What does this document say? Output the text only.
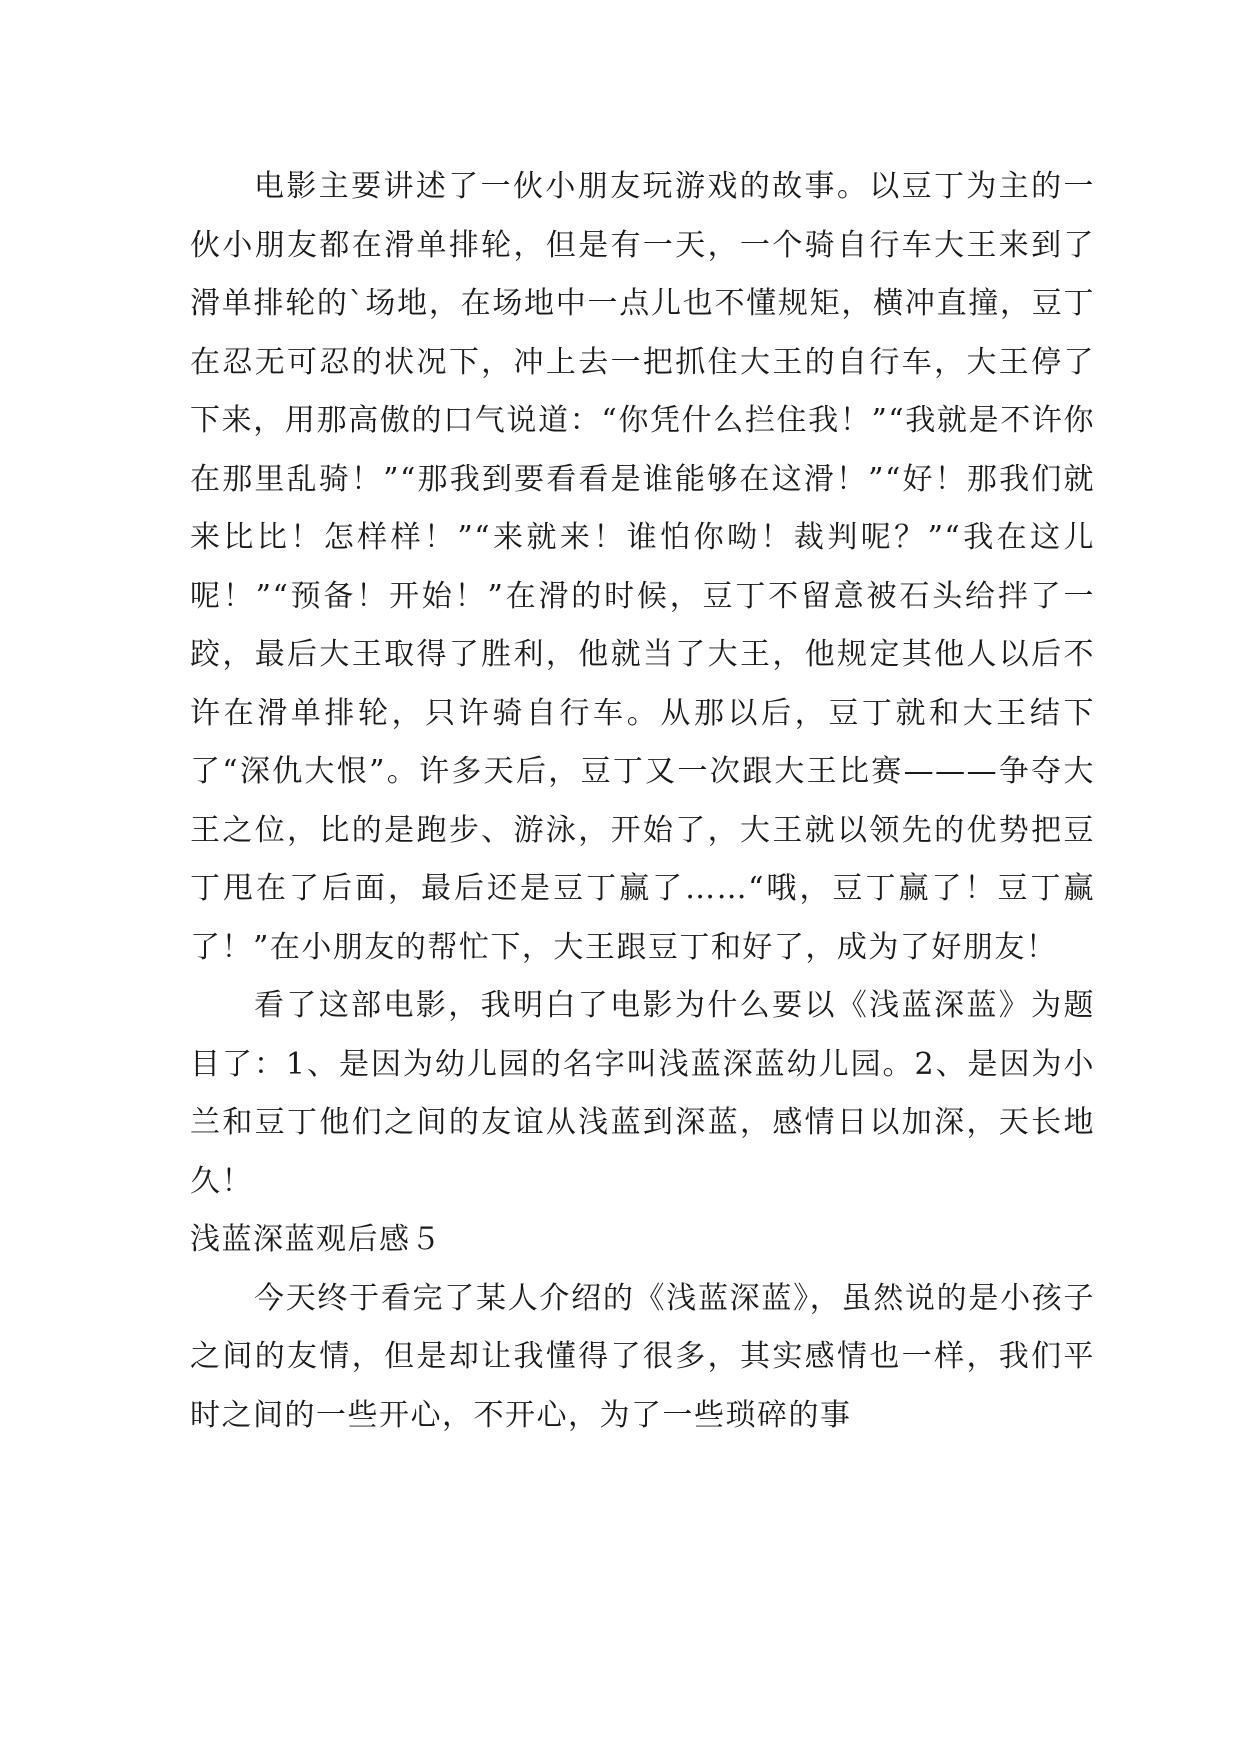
电影主要讲述了一伙小朋友玩游戏的故事。以豆丁为主的一伙小朋友都在滑单排轮，但是有一天，一个骑自行车大王来到了滑单排轮的`场地，在场地中一点儿也不懂规矩，横冲直撞，豆丁在忍无可忍的状况下，冲上去一把抓住大王的自行车，大王停了下来，用那高傲的口气说道：“你凭什么拦住我！”“我就是不许你在那里乱骑！”“那我到要看看是谁能够在这滑！”“好！那我们就来比比！怎样样！”“来就来！谁怕你呦！裁判呢？”“我在这儿呢！”“预备！开始！”在滑的时候，豆丁不留意被石头给拌了一跤，最后大王取得了胜利，他就当了大王，他规定其他人以后不许在滑单排轮，只许骑自行车。从那以后，豆丁就和大王结下了“深仇大恨”。许多天后，豆丁又一次跟大王比赛———争夺大王之位，比的是跑步、游泳，开始了，大王就以领先的优势把豆丁甩在了后面，最后还是豆丁赢了……“哦，豆丁赢了！豆丁赢了！”在小朋友的帮忙下，大王跟豆丁和好了，成为了好朋友！

看了这部电影，我明白了电影为什么要以《浅蓝深蓝》为题目了：1、是因为幼儿园的名字叫浅蓝深蓝幼儿园。2、是因为小兰和豆丁他们之间的友谊从浅蓝到深蓝，感情日以加深，天长地久！

浅蓝深蓝观后感５

今天终于看完了某人介绍的《浅蓝深蓝》，虽然说的是小孩子之间的友情，但是却让我懂得了很多，其实感情也一样，我们平时之间的一些开心，不开心，为了一些琐碎的事
